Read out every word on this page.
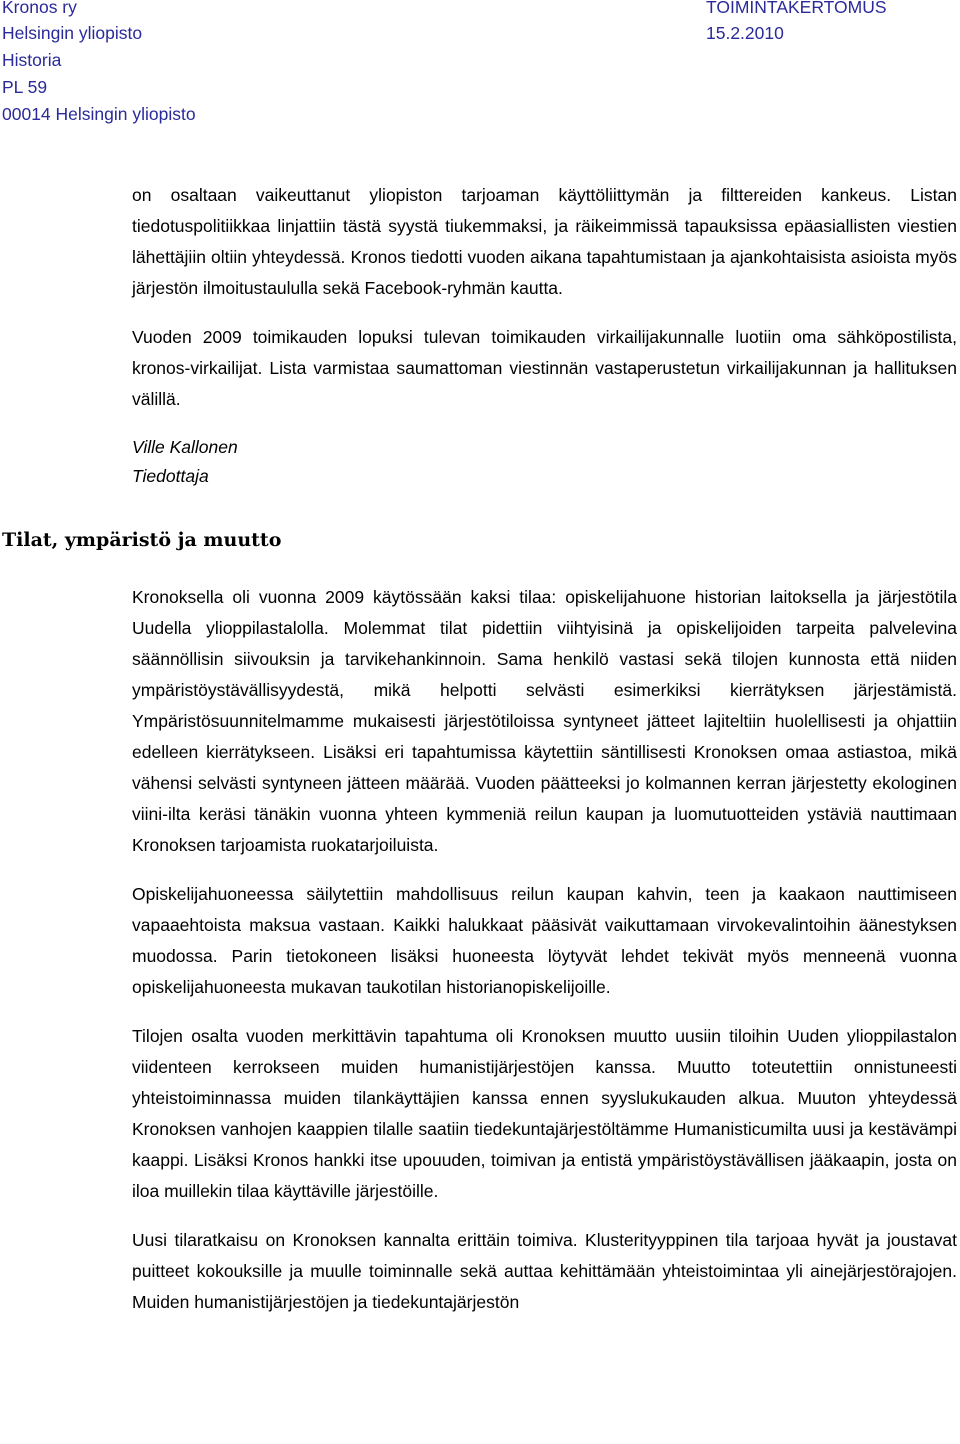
Kronos ry	TOIMINTAKERTOMUS
Helsingin yliopisto	15.2.2010
Historia
PL 59
00014 Helsingin yliopisto

on osaltaan vaikeuttanut yliopiston tarjoaman käyttöliittymän ja filttereiden kankeus. Listan tiedotuspolitiikkaa linjattiin tästä syystä tiukemmaksi, ja räikeimmissä tapauksissa epäasiallisten viestien lähettäjiin oltiin yhteydessä. Kronos tiedotti vuoden aikana tapahtumistaan ja ajankohtaisista asioista myös järjestön ilmoitustaululla sekä Facebook-ryhmän kautta.

Vuoden 2009 toimikauden lopuksi tulevan toimikauden virkailijakunnalle luotiin oma sähköpostilista, kronos-virkailijat. Lista varmistaa saumattoman viestinnän vastaperustetun virkailijakunnan ja hallituksen välillä.

Ville Kallonen
Tiedottaja
Tilat, ympäristö ja muutto

Kronoksella oli vuonna 2009 käytössään kaksi tilaa: opiskelijahuone historian laitoksella ja järjestötila Uudella ylioppilastalolla. Molemmat tilat pidettiin viihtyisinä ja opiskelijoiden tarpeita palvelevina säännöllisin siivouksin ja tarvikehankinnoin. Sama henkilö vastasi sekä tilojen kunnosta että niiden ympäristöystävällisyydestä, mikä helpotti selvästi esimerkiksi kierrätyksen järjestämistä. Ympäristösuunnitelmamme mukaisesti järjestötiloissa syntyneet jätteet lajiteltiin huolellisesti ja ohjattiin edelleen kierrätykseen. Lisäksi eri tapahtumissa käytettiin säntillisesti Kronoksen omaa astiastoa, mikä vähensi selvästi syntyneen jätteen määrää. Vuoden päätteeksi jo kolmannen kerran järjestetty ekologinen viini-ilta keräsi tänäkin vuonna yhteen kymmeniä reilun kaupan ja luomutuotteiden ystäviä nauttimaan Kronoksen tarjoamista ruokatarjoiluista.

Opiskelijahuoneessa säilytettiin mahdollisuus reilun kaupan kahvin, teen ja kaakaon nauttimiseen vapaaehtoista maksua vastaan. Kaikki halukkaat pääsivät vaikuttamaan virvokevalintoihin äänestyksen muodossa. Parin tietokoneen lisäksi huoneesta löytyvät lehdet tekivät myös menneenä vuonna opiskelijahuoneesta mukavan taukotilan historianopiskelijoille.

Tilojen osalta vuoden merkittävin tapahtuma oli Kronoksen muutto uusiin tiloihin Uuden ylioppilastalon viidenteen kerrokseen muiden humanistijärjestöjen kanssa. Muutto toteutettiin onnistuneesti yhteistoiminnassa muiden tilankäyttäjien kanssa ennen syyslukukauden alkua. Muuton yhteydessä Kronoksen vanhojen kaappien tilalle saatiin tiedekuntajärjestöltämme Humanisticumilta uusi ja kestävämpi kaappi. Lisäksi Kronos hankki itse upouuden, toimivan ja entistä ympäristöystävällisen jääkaapin, josta on iloa muillekin tilaa käyttäville järjestöille.

Uusi tilaratkaisu on Kronoksen kannalta erittäin toimiva. Klusterityyppinen tila tarjoaa hyvät ja joustavat puitteet kokouksille ja muulle toiminnalle sekä auttaa kehittämään yhteistoimintaa yli ainejärjestörajojen. Muiden humanistijärjestöjen ja tiedekuntajärjestön
